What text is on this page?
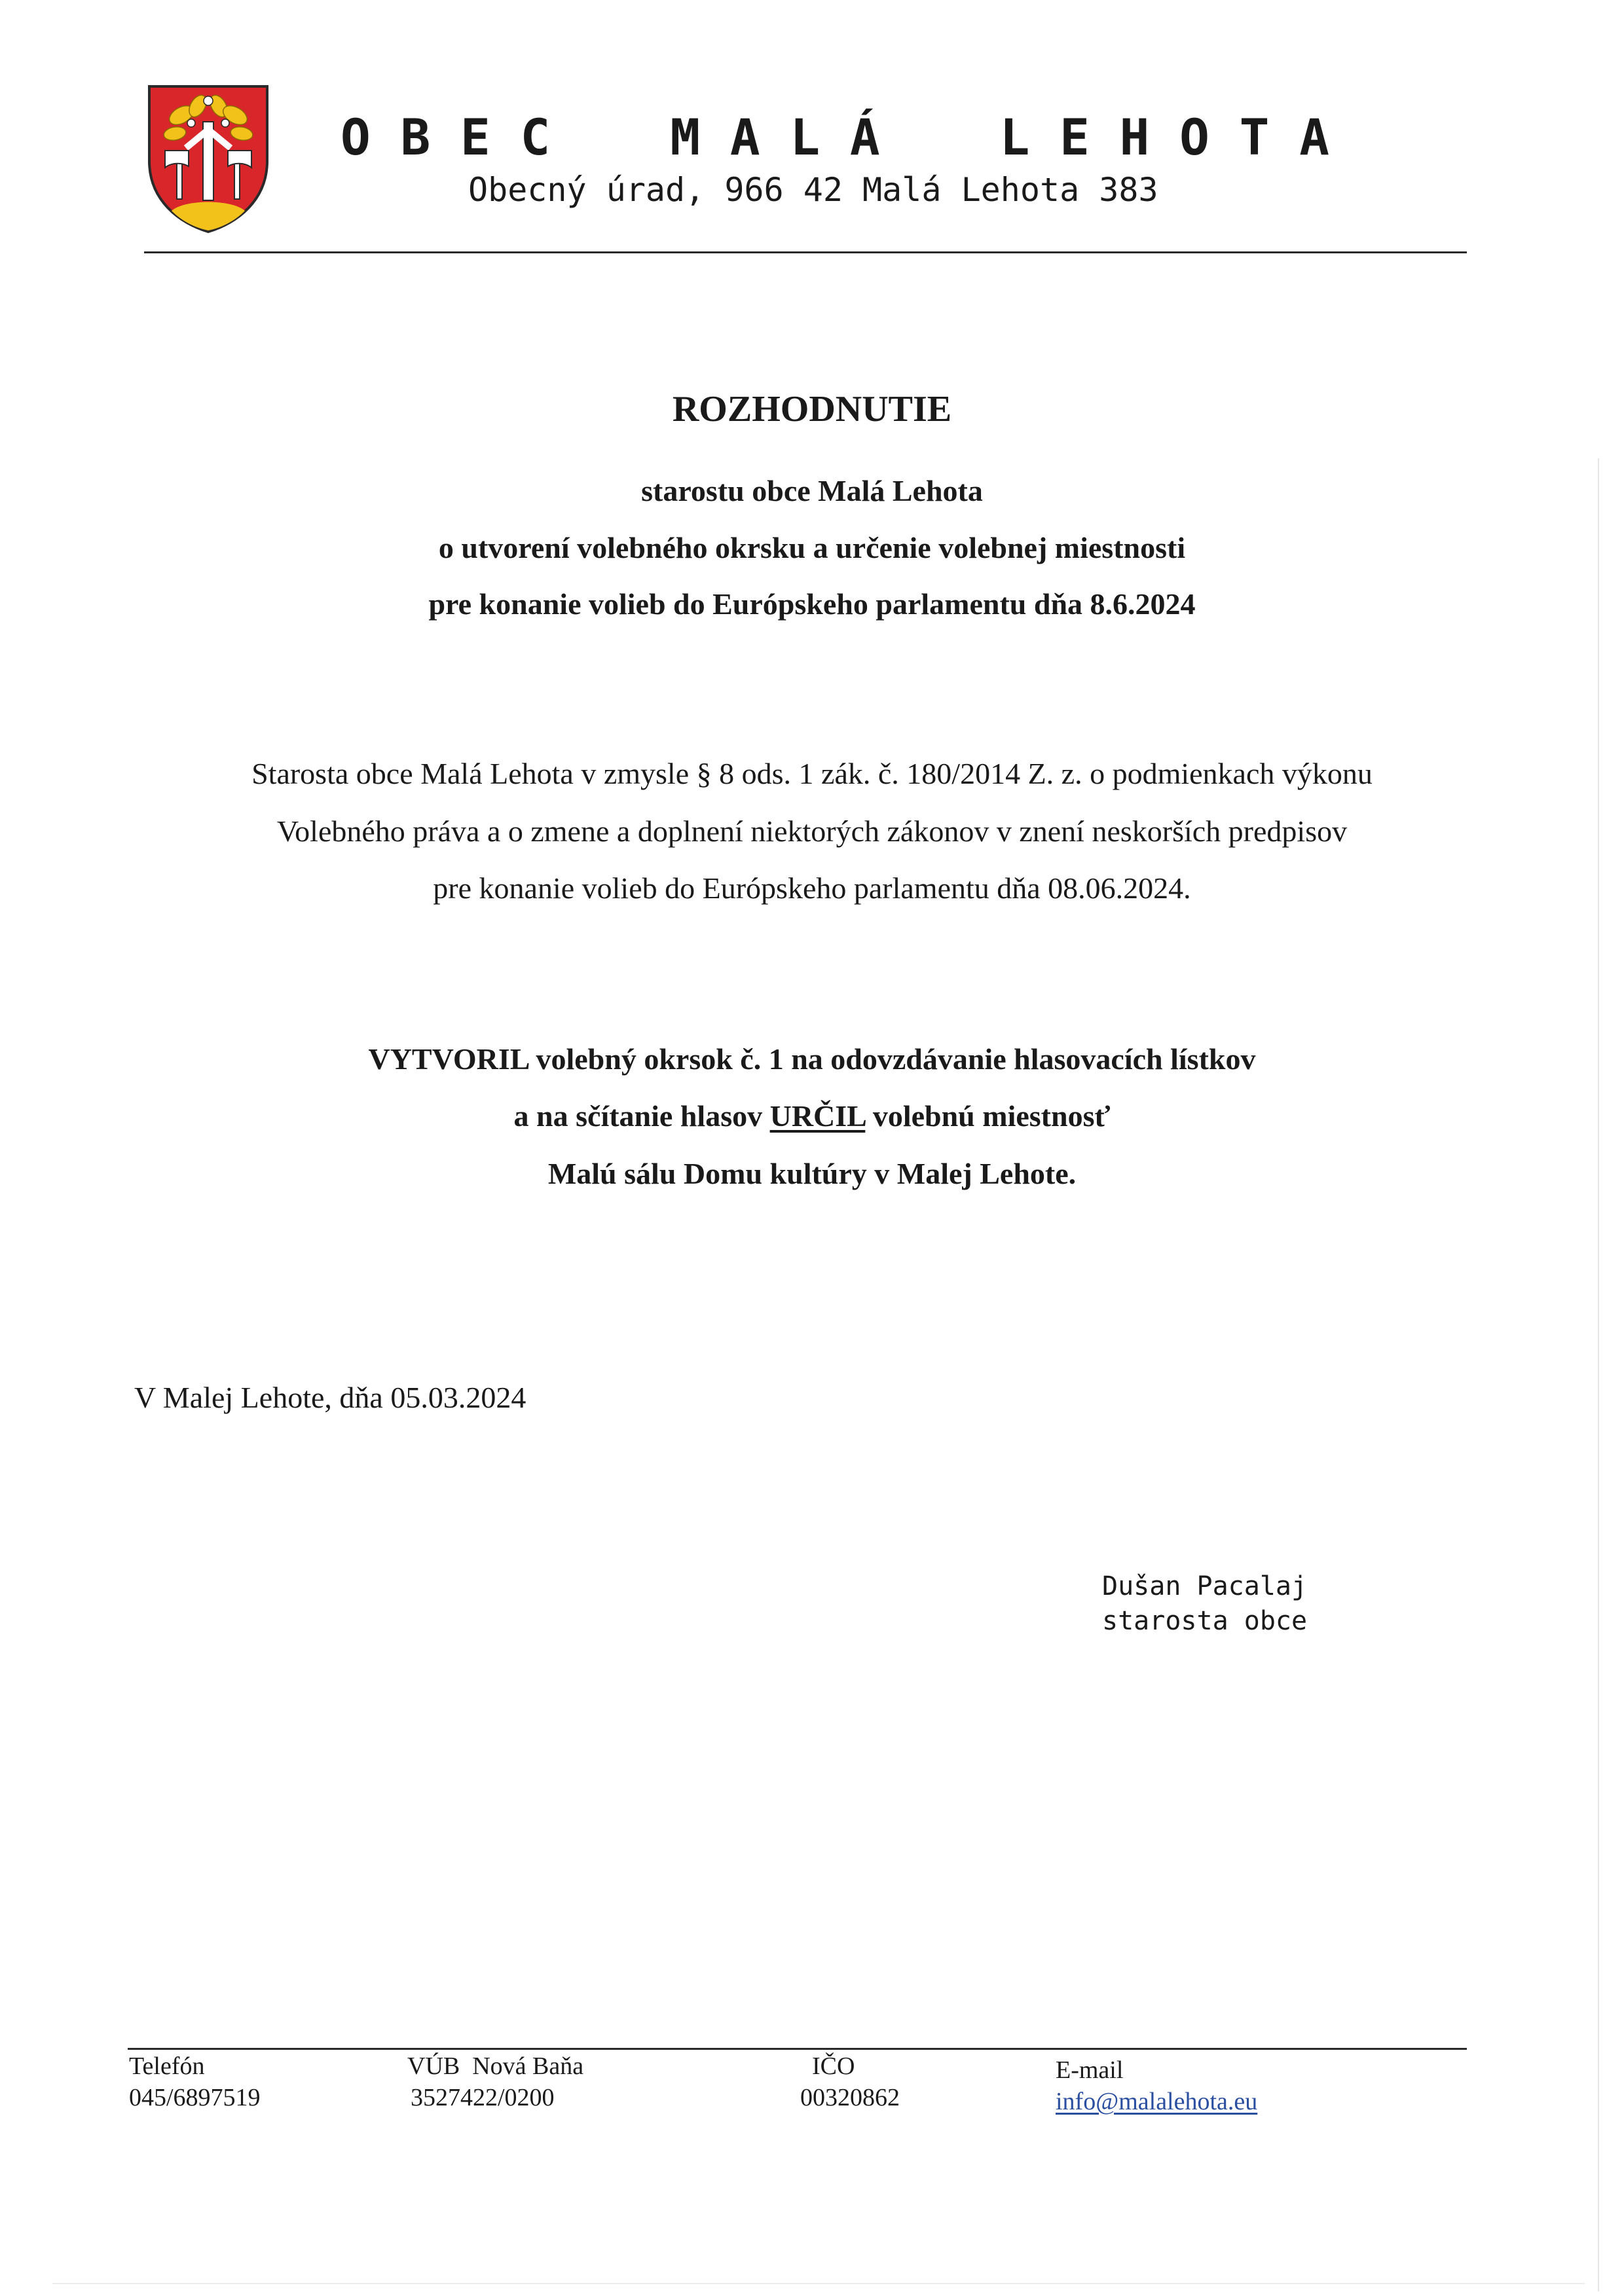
O B E C    M A L Á    L E H O T A
Obecný úrad, 966 42 Malá Lehota 383
ROZHODNUTIE
starostu obce Malá Lehota
o utvorení volebného okrsku a určenie volebnej miestnosti
pre konanie volieb do Európskeho parlamentu dňa 8.6.2024
Starosta obce Malá Lehota v zmysle § 8 ods. 1 zák. č. 180/2014 Z. z. o podmienkach výkonu
Volebného práva a o zmene a doplnení niektorých zákonov v znení neskorších predpisov
pre konanie volieb do Európskeho parlamentu dňa 08.06.2024.
VYTVORIL volebný okrsok č. 1 na odovzdávanie hlasovacích lístkov
a na sčítanie hlasov URČIL volebnú miestnosť
Malú sálu Domu kultúry v Malej Lehote.
V Malej Lehote, dňa 05.03.2024
Dušan Pacalaj
starosta obce
Telefón
045/6897519
VÚB  Nová Baňa
3527422/0200
IČO
00320862
E-mail
info@malalehota.eu
